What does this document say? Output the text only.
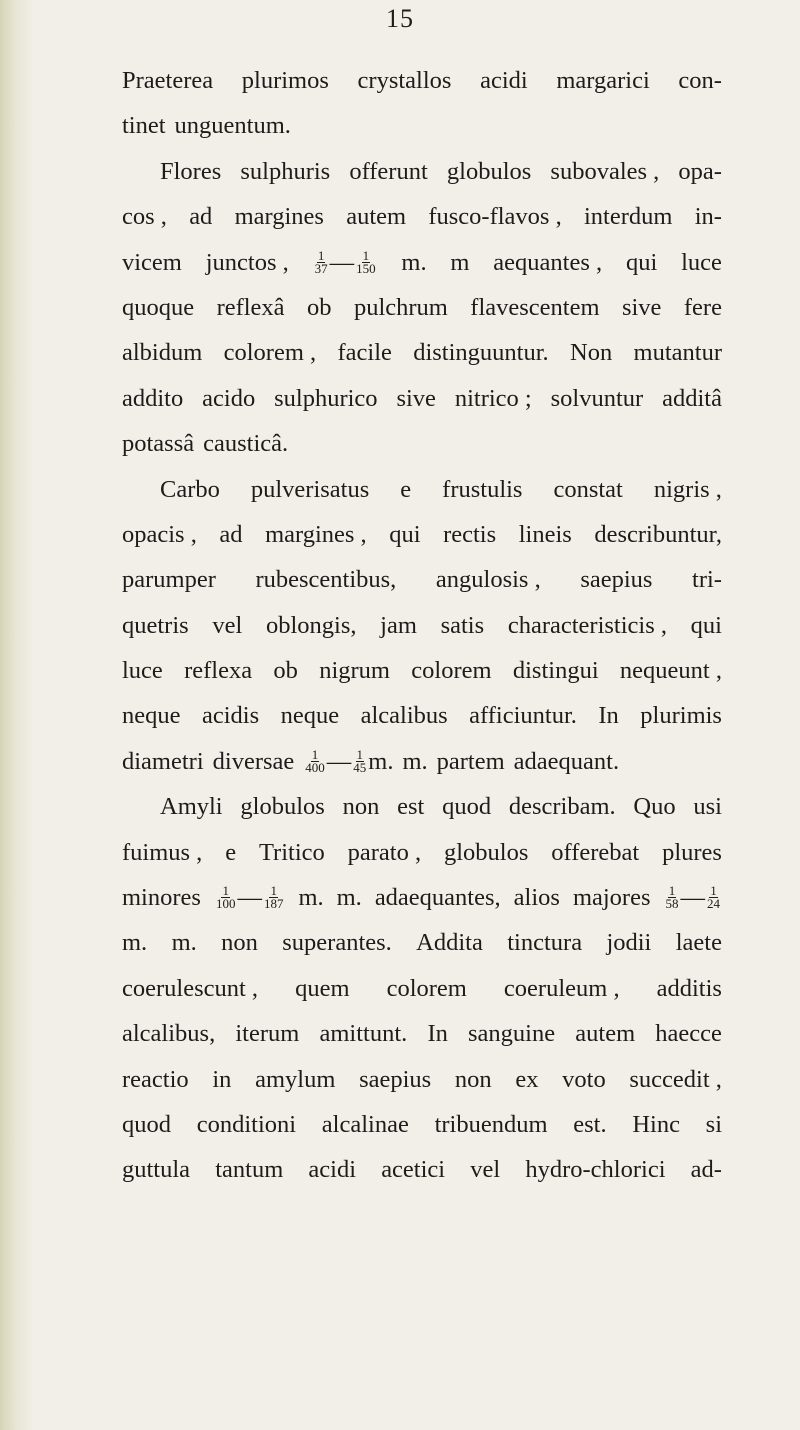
15
Praeterea plurimos crystallos acidi margarici con-
tinet unguentum.
Flores sulphuris offerunt globulos subovales , opa-
cos , ad margines autem fusco-flavos , interdum in-
vicem junctos , $\frac{1}{37}$ — $\frac{1}{150} m$. m aequantes , qui luce
quoque reflexâ ob pulchrum flavescentem sive fere
albidum colorem , facile distinguuntur. Non mutantur
addito acido sulphurico sive nitrico ; solvuntur additâ
potassâ causticâ.
Carbo pulverisatus e frustulis constat nigris ,
opacis , ad margines , qui rectis lineis describuntur,
parumper rubescentibus, angulosis , saepius tri-
quetris vel oblongis, jam satis characteristicis , qui
luce reflexa ob nigrum colorem distingui nequeunt ,
neque acidis neque alcalibus afficiuntur. In plurimis
diametri diversae $\frac{1}{400}$ — $\frac{1}{45} m$. m. partem adaequant.
Amyli globulos non est quod describam. Quo usi
fuimus , e Tritico parato , globulos offerebat plures
minores $\frac{1}{100}$ — $\frac{1}{187} m$. m. adaequantes, alios majores $\frac{1}{58}$ — $\frac{1}{24}$
m. m. non superantes. Addita tinctura jodii laete
coerulescunt , quem colorem coeruleum , additis
alcalibus, iterum amittunt. In sanguine autem haecce
reactio in amylum saepius non ex voto succedit ,
quod conditioni alcalinae tribuendum est. Hinc si
guttula tantum acidi acetici vel hydro-chlorici ad-
